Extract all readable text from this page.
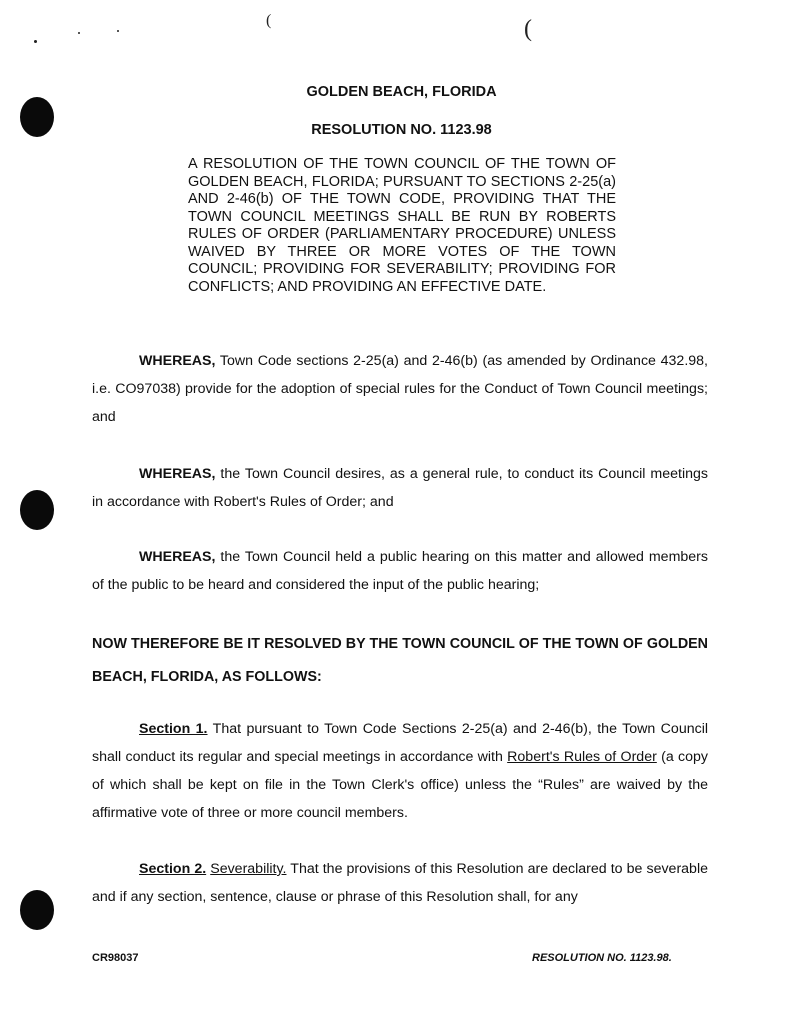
(	(
GOLDEN BEACH, FLORIDA
RESOLUTION NO. 1123.98
A RESOLUTION OF THE TOWN COUNCIL OF THE TOWN OF GOLDEN BEACH, FLORIDA; PURSUANT TO SECTIONS 2-25(a) AND 2-46(b) OF THE TOWN CODE, PROVIDING THAT THE TOWN COUNCIL MEETINGS SHALL BE RUN BY ROBERTS RULES OF ORDER (PARLIAMENTARY PROCEDURE) UNLESS WAIVED BY THREE OR MORE VOTES OF THE TOWN COUNCIL; PROVIDING FOR SEVERABILITY; PROVIDING FOR CONFLICTS; AND PROVIDING AN EFFECTIVE DATE.
WHEREAS, Town Code sections 2-25(a) and 2-46(b) (as amended by Ordinance 432.98, i.e. CO97038) provide for the adoption of special rules for the Conduct of Town Council meetings; and
WHEREAS, the Town Council desires, as a general rule, to conduct its Council meetings in accordance with Robert's Rules of Order; and
WHEREAS, the Town Council held a public hearing on this matter and allowed members of the public to be heard and considered the input of the public hearing;
NOW THEREFORE BE IT RESOLVED BY THE TOWN COUNCIL OF THE TOWN OF GOLDEN BEACH, FLORIDA, AS FOLLOWS:
Section 1. That pursuant to Town Code Sections 2-25(a) and 2-46(b), the Town Council shall conduct its regular and special meetings in accordance with Robert's Rules of Order (a copy of which shall be kept on file in the Town Clerk's office) unless the “Rules” are waived by the affirmative vote of three or more council members.
Section 2. Severability. That the provisions of this Resolution are declared to be severable and if any section, sentence, clause or phrase of this Resolution shall, for any
CR98037	RESOLUTION NO. 1123.98.
